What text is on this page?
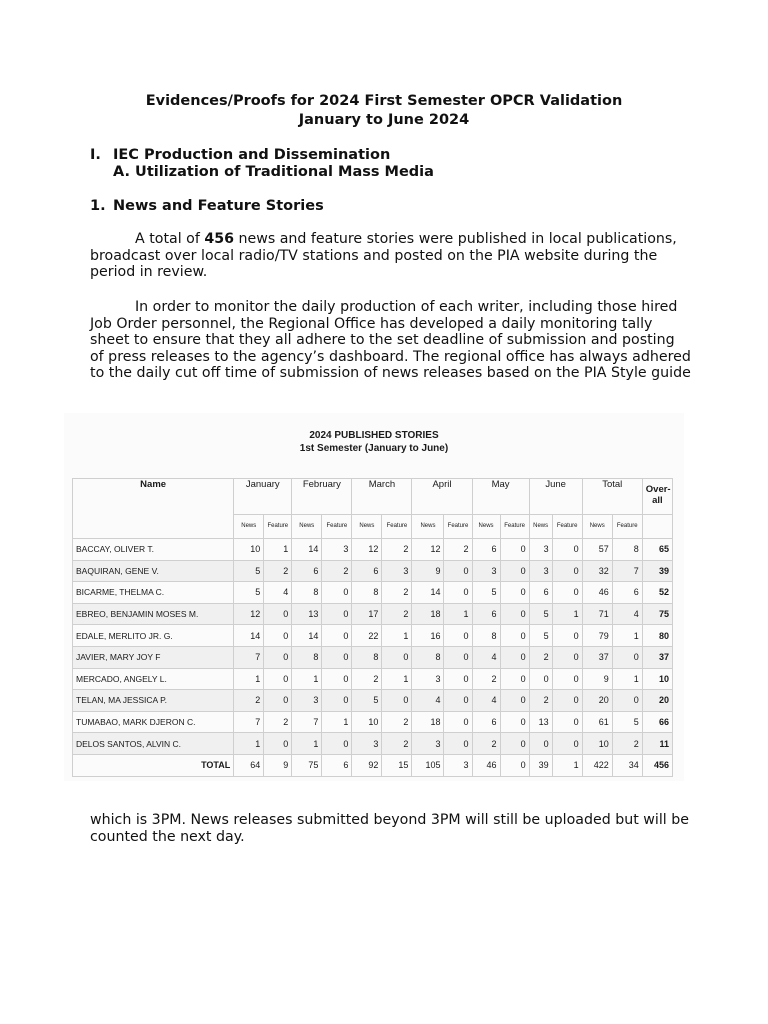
Evidences/Proofs for 2024 First Semester OPCR Validation
January to June 2024
I. IEC Production and Dissemination
A. Utilization of Traditional Mass Media
1. News and Feature Stories
A total of 456 news and feature stories were published in local publications,
broadcast over local radio/TV stations and posted on the PIA website during the
period in review.
In order to monitor the daily production of each writer, including those hired
Job Order personnel, the Regional Office has developed a daily monitoring tally
sheet to ensure that they all adhere to the set deadline of submission and posting
of press releases to the agency’s dashboard. The regional office has always adhered
to the daily cut off time of submission of news releases based on the PIA Style guide
2024 PUBLISHED STORIES
1st Semester (January to June)
Name	January		February		March		April		May		June		Total		Over-all
	News	Feature	News	Feature	News	Feature	News	Feature	News	Feature	News	Feature	News	Feature	
BACCAY, OLIVER T.	10	1	14	3	12	2	12	2	6	0	3	0	57	8	65
BAQUIRAN, GENE V.	5	2	6	2	6	3	9	0	3	0	3	0	32	7	39
BICARME, THELMA C.	5	4	8	0	8	2	14	0	5	0	6	0	46	6	52
EBREO, BENJAMIN MOSES M.	12	0	13	0	17	2	18	1	6	0	5	1	71	4	75
EDALE, MERLITO JR. G.	14	0	14	0	22	1	16	0	8	0	5	0	79	1	80
JAVIER, MARY JOY F	7	0	8	0	8	0	8	0	4	0	2	0	37	0	37
MERCADO, ANGELY L.	1	0	1	0	2	1	3	0	2	0	0	0	9	1	10
TELAN, MA JESSICA P.	2	0	3	0	5	0	4	0	4	0	2	0	20	0	20
TUMABAO, MARK DJERON C.	7	2	7	1	10	2	18	0	6	0	13	0	61	5	66
DELOS SANTOS, ALVIN C.	1	0	1	0	3	2	3	0	2	0	0	0	10	2	11
TOTAL	64	9	75	6	92	15	105	3	46	0	39	1	422	34	456
which is 3PM. News releases submitted beyond 3PM will still be uploaded but will be
counted the next day.
